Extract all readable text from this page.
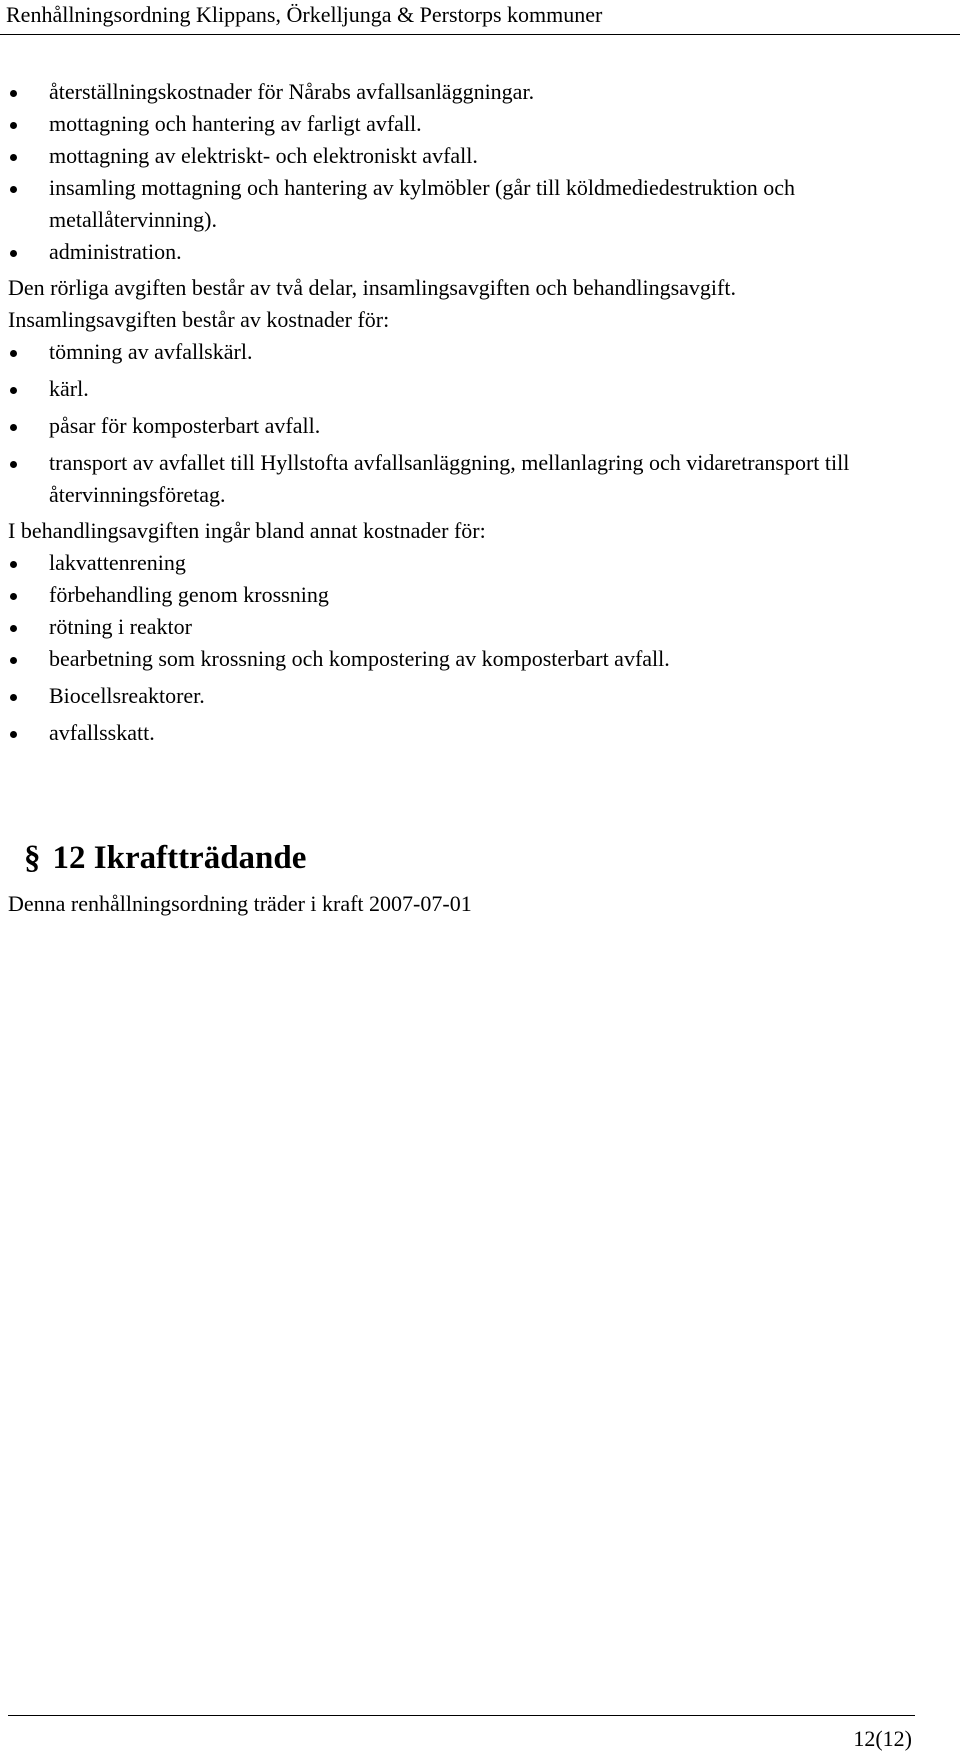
Renhållningsordning Klippans, Örkelljunga & Perstorps kommuner
återställningskostnader för Nårabs avfallsanläggningar.
mottagning och hantering av farligt avfall.
mottagning av elektriskt- och elektroniskt avfall.
insamling mottagning och hantering av kylmöbler (går till köldmediedestruktion och metallåtervinning).
administration.
Den rörliga avgiften består av två delar, insamlingsavgiften och behandlingsavgift.
Insamlingsavgiften består av kostnader för:
tömning av avfallskärl.
kärl.
påsar för komposterbart avfall.
transport av avfallet till Hyllstofta avfallsanläggning, mellanlagring och vidaretransport till återvinningsföretag.
I behandlingsavgiften ingår bland annat kostnader för:
lakvattenrening
förbehandling genom krossning
rötning i reaktor
bearbetning som krossning och kompostering av komposterbart avfall.
Biocellsreaktorer.
avfallsskatt.
§ 12 Ikraftträdande
Denna renhållningsordning träder i kraft 2007-07-01
12(12)
